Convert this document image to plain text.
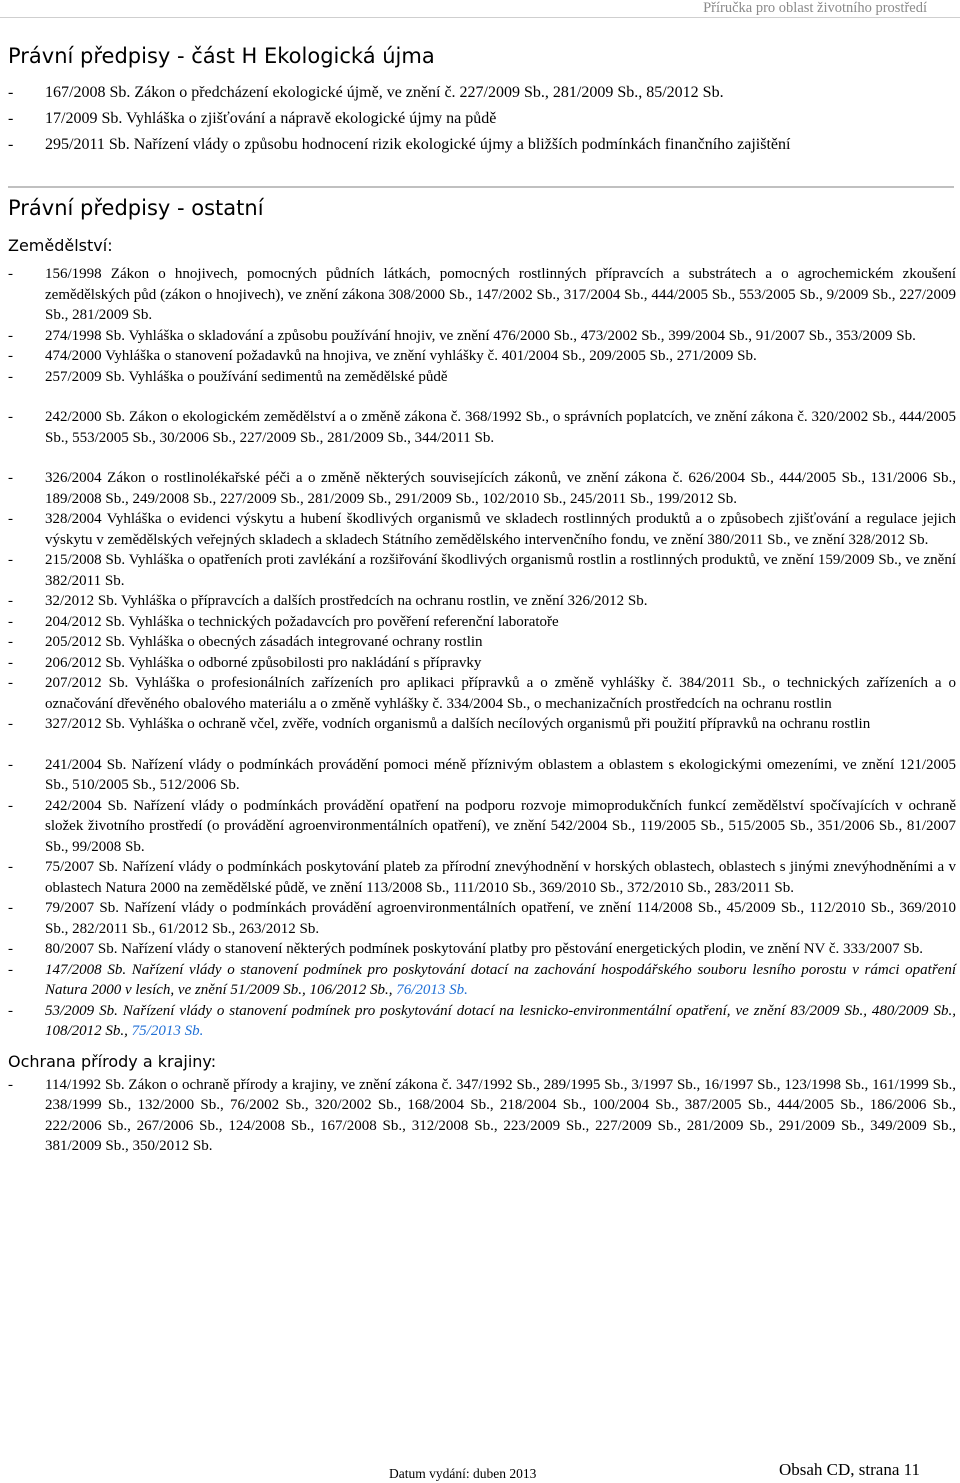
Příručka pro oblast životního prostředí
Právní předpisy - část H Ekologická újma
- 167/2008 Sb. Zákon o předcházení ekologické újmě, ve znění č. 227/2009 Sb., 281/2009 Sb., 85/2012 Sb.
- 17/2009 Sb. Vyhláška o zjišťování a nápravě ekologické újmy na půdě
- 295/2011 Sb. Nařízení vlády o způsobu hodnocení rizik ekologické újmy a bližších podmínkách finančního zajištění
Právní předpisy - ostatní
Zemědělství:
- 156/1998 Zákon o hnojivech, pomocných půdních látkách, pomocných rostlinných přípravcích a substrátech a o agrochemickém zkoušení zemědělských půd (zákon o hnojivech), ve znění zákona 308/2000 Sb., 147/2002 Sb., 317/2004 Sb., 444/2005 Sb., 553/2005 Sb., 9/2009 Sb., 227/2009 Sb., 281/2009 Sb.
- 274/1998 Sb. Vyhláška o skladování a způsobu používání hnojiv, ve znění 476/2000 Sb., 473/2002 Sb., 399/2004 Sb., 91/2007 Sb., 353/2009 Sb.
- 474/2000 Vyhláška o stanovení požadavků na hnojiva, ve znění vyhlášky č. 401/2004 Sb., 209/2005 Sb., 271/2009 Sb.
- 257/2009 Sb. Vyhláška o používání sedimentů na zemědělské půdě
- 242/2000 Sb. Zákon o ekologickém zemědělství a o změně zákona č. 368/1992 Sb., o správních poplatcích, ve znění zákona č. 320/2002 Sb., 444/2005 Sb., 553/2005 Sb., 30/2006 Sb., 227/2009 Sb., 281/2009 Sb., 344/2011 Sb.
- 326/2004 Zákon o rostlinolékařské péči a o změně některých souvisejících zákonů, ve znění zákona č. 626/2004 Sb., 444/2005 Sb., 131/2006 Sb., 189/2008 Sb., 249/2008 Sb., 227/2009 Sb., 281/2009 Sb., 291/2009 Sb., 102/2010 Sb., 245/2011 Sb., 199/2012 Sb.
- 328/2004 Vyhláška o evidenci výskytu a hubení škodlivých organismů ve skladech rostlinných produktů a o způsobech zjišťování a regulace jejich výskytu v zemědělských veřejných skladech a skladech Státního zemědělského intervenčního fondu, ve znění 380/2011 Sb., ve znění 328/2012 Sb.
- 215/2008 Sb. Vyhláška o opatřeních proti zavlékání a rozšiřování škodlivých organismů rostlin a rostlinných produktů, ve znění 159/2009 Sb., ve znění 382/2011 Sb.
- 32/2012 Sb. Vyhláška o přípravcích a dalších prostředcích na ochranu rostlin, ve znění 326/2012 Sb.
- 204/2012 Sb. Vyhláška o technických požadavcích pro pověření referenční laboratoře
- 205/2012 Sb. Vyhláška o obecných zásadách integrované ochrany rostlin
- 206/2012 Sb. Vyhláška o odborné způsobilosti pro nakládání s přípravky
- 207/2012 Sb. Vyhláška o profesionálních zařízeních pro aplikaci přípravků a o změně vyhlášky č. 384/2011 Sb., o technických zařízeních a o označování dřevěného obalového materiálu a o změně vyhlášky č. 334/2004 Sb., o mechanizačních prostředcích na ochranu rostlin
- 327/2012 Sb. Vyhláška o ochraně včel, zvěře, vodních organismů a dalších necílových organismů při použití přípravků na ochranu rostlin
- 241/2004 Sb. Nařízení vlády o podmínkách provádění pomoci méně příznivým oblastem a oblastem s ekologickými omezeními, ve znění 121/2005 Sb., 510/2005 Sb., 512/2006 Sb.
- 242/2004 Sb. Nařízení vlády o podmínkách provádění opatření na podporu rozvoje mimoprodukčních funkcí zemědělství spočívajících v ochraně složek životního prostředí (o provádění agroenvironmentálních opatření), ve znění 542/2004 Sb., 119/2005 Sb., 515/2005 Sb., 351/2006 Sb., 81/2007 Sb., 99/2008 Sb.
- 75/2007 Sb. Nařízení vlády o podmínkách poskytování plateb za přírodní znevýhodnění v horských oblastech, oblastech s jinými znevýhodněními a v oblastech Natura 2000 na zemědělské půdě, ve znění 113/2008 Sb., 111/2010 Sb., 369/2010 Sb., 372/2010 Sb., 283/2011 Sb.
- 79/2007 Sb. Nařízení vlády o podmínkách provádění agroenvironmentálních opatření, ve znění 114/2008 Sb., 45/2009 Sb., 112/2010 Sb., 369/2010 Sb., 282/2011 Sb., 61/2012 Sb., 263/2012 Sb.
- 80/2007 Sb. Nařízení vlády o stanovení některých podmínek poskytování platby pro pěstování energetických plodin, ve znění NV č. 333/2007 Sb.
- 147/2008 Sb. Nařízení vlády o stanovení podmínek pro poskytování dotací na zachování hospodářského souboru lesního porostu v rámci opatření Natura 2000 v lesích, ve znění 51/2009 Sb., 106/2012 Sb., 76/2013 Sb.
- 53/2009 Sb. Nařízení vlády o stanovení podmínek pro poskytování dotací na lesnicko-environmentální opatření, ve znění 83/2009 Sb., 480/2009 Sb., 108/2012 Sb., 75/2013 Sb.
Ochrana přírody a krajiny:
- 114/1992 Sb. Zákon o ochraně přírody a krajiny, ve znění zákona č. 347/1992 Sb., 289/1995 Sb., 3/1997 Sb., 16/1997 Sb., 123/1998 Sb., 161/1999 Sb., 238/1999 Sb., 132/2000 Sb., 76/2002 Sb., 320/2002 Sb., 168/2004 Sb., 218/2004 Sb., 100/2004 Sb., 387/2005 Sb., 444/2005 Sb., 186/2006 Sb., 222/2006 Sb., 267/2006 Sb., 124/2008 Sb., 167/2008 Sb., 312/2008 Sb., 223/2009 Sb., 227/2009 Sb., 281/2009 Sb., 291/2009 Sb., 349/2009 Sb., 381/2009 Sb., 350/2012 Sb.
Datum vydání: duben 2013	Obsah CD, strana 11
